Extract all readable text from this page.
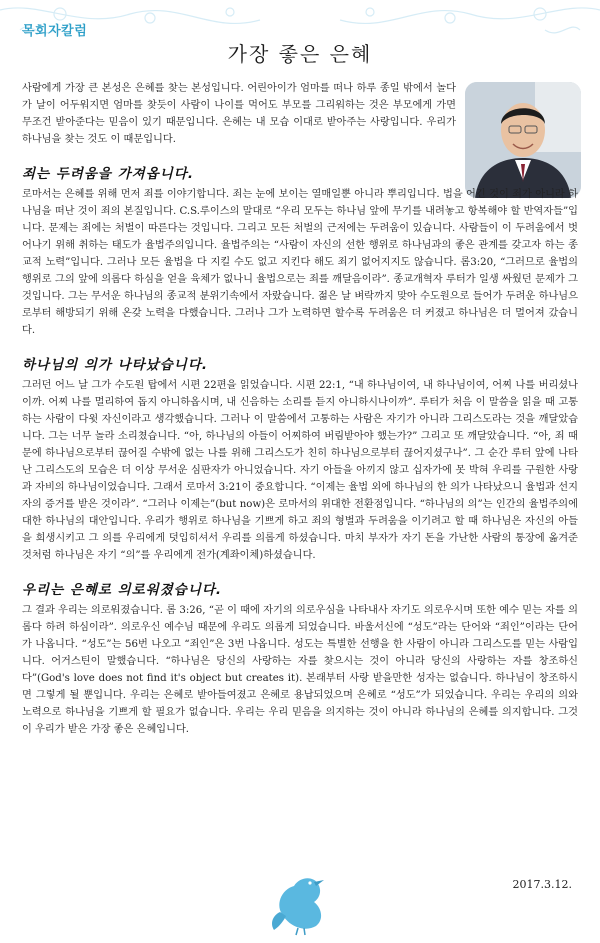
목회자칼럼
가장 좋은 은혜

사람에게 가장 큰 본성은 은혜를 찾는 본성입니다. 어린아이가 엄마를 떠나 하루 종일 밖에서 놀다가 날이 어두워지면 엄마를 찾듯이 사람이 나이를 먹어도 부모를 그리워하는 것은 부모에게 가면 무조건 받아준다는 믿음이 있기 때문입니다. 은혜는 내 모습 이대로 받아주는 사랑입니다. 우리가 하나님을 찾는 것도 이 때문입니다.

죄는 두려움을 가져옵니다.

로마서는 은혜를 위해 먼저 죄를 이야기합니다. 죄는 눈에 보이는 열매일뿐 아니라 뿌리입니다. 법을 어긴 것이 죄가 아니라 하나님을 떠난 것이 죄의 본질입니다. C.S.루이스의 말대로 “우리 모두는 하나님 앞에 무기를 내려놓고 항복해야 할 반역자들”입니다. 문제는 죄에는 처벌이 따른다는 것입니다. 그리고 모든 처벌의 근저에는 두려움이 있습니다. 사람들이 이 두려움에서 벗어나기 위해 취하는 태도가 율법주의입니다. 율법주의는 “사람이 자신의 선한 행위로 하나님과의 좋은 관계를 갖고자 하는 종교적 노력”입니다. 그러나 모든 율법을 다 지킬 수도 없고 지킨다 해도 죄기 없어지지도 않습니다. 롬3:20, “그러므로 율법의 행위로 그의 앞에 의롭다 하심을 얻을 육체가 없나니 율법으로는 죄를 깨달음이라”. 종교개혁자 루터가 일생 싸웠던 문제가 그것입니다. 그는 무서운 하나님의 종교적 분위기속에서 자랐습니다. 젊은 날 벼락까지 맞아 수도원으로 들어가 두려운 하나님으로부터 해방되기 위해 온갖 노력을 다했습니다. 그러나 그가 노력하면 할수록 두려움은 더 커졌고 하나님은 더 멀어져 갔습니다.

하나님의 의가 나타났습니다.

그러던 어느 날 그가 수도원 탑에서 시편 22편을 읽었습니다. 시편 22:1, “내 하나님이여, 내 하나님이여, 어찌 나를 버리셨나이까. 어찌 나를 멀리하여 돕지 아니하옵시며, 내 신음하는 소리를 듣지 아니하시나이까”. 루터가 처음 이 말씀을 읽을 때 고통하는 사람이 다윗 자신이라고 생각했습니다. 그러나 이 말씀에서 고통하는 사람은 자기가 아니라 그리스도라는 것을 깨달았습니다. 그는 너무 놀라 소리쳤습니다. “아, 하나님의 아들이 어찌하여 버림받아야 했는가?” 그리고 또 깨달았습니다. “아, 죄 때문에 하나님으로부터 끊어질 수밖에 없는 나를 위해 그리스도가 친히 하나님으로부터 끊어지셨구나”. 그 순간 루터 앞에 나타난 그리스도의 모습은 더 이상 무서운 심판자가 아니었습니다. 자기 아들을 아끼지 않고 십자가에 못 박혀 우리를 구원한 사랑과 자비의 하나님이었습니다. 그래서 로마서 3:21이 중요합니다. “이제는 율법 외에 하나님의 한 의가 나타났으니 율법과 선지자의 증거를 받은 것이라”. “그러나 이제는”(but now)은 로마서의 위대한 전환점입니다. “하나님의 의”는 인간의 율법주의에 대한 하나님의 대안입니다. 우리가 행위로 하나님을 기쁘게 하고 죄의 형벌과 두려움을 이기려고 할 때 하나님은 자신의 아들을 희생시키고 그 의를 우리에게 덧입히셔서 우리를 의롭게 하셨습니다. 마치 부자가 자기 돈을 가난한 사람의 통장에 옮겨준 것처럼 하나님은 자기 “의”를 우리에게 전가(계좌이체)하셨습니다.

우리는 은혜로 의로워졌습니다.

그 결과 우리는 의로워졌습니다. 롬 3:26, “곧 이 때에 자기의 의로우심을 나타내사 자기도 의로우시며 또한 예수 믿는 자를 의롭다 하려 하심이라”. 의로우신 예수님 때문에 우리도 의롭게 되었습니다. 바울서신에 “성도”라는 단어와 “죄인”이라는 단어가 나옵니다. “성도”는 56번 나오고 “죄인”은 3번 나옵니다. 성도는 특별한 선행을 한 사람이 아니라 그리스도를 믿는 사람입니다. 어거스틴이 말했습니다. “하나님은 당신의 사랑하는 자를 찾으시는 것이 아니라 당신의 사랑하는 자를 창조하신다”(God's love does not find it's object but creates it). 본래부터 사랑 받을만한 성자는 없습니다. 하나님이 창조하시면 그렇게 될 뿐입니다. 우리는 은혜로 받아들여졌고 은혜로 용납되었으며 은혜로 “성도”가 되었습니다. 우리는 우리의 의와 노력으로 하나님을 기쁘게 할 필요가 없습니다. 우리는 우리 믿음을 의지하는 것이 아니라 하나님의 은혜를 의지합니다. 그것이 우리가 받은 가장 좋은 은혜입니다.

2017.3.12.
